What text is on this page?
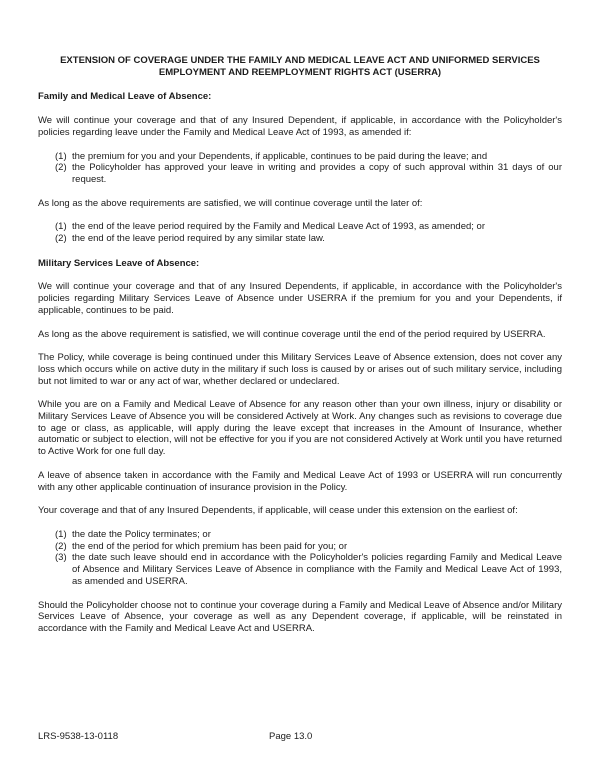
EXTENSION OF COVERAGE UNDER THE FAMILY AND MEDICAL LEAVE ACT AND UNIFORMED SERVICES
EMPLOYMENT AND REEMPLOYMENT RIGHTS ACT (USERRA)
Family and Medical Leave of Absence:
We will continue your coverage and that of any Insured Dependent, if applicable, in accordance with the Policyholder's policies regarding leave under the Family and Medical Leave Act of 1993, as amended if:
(1) the premium for you and your Dependents, if applicable, continues to be paid during the leave; and
(2) the Policyholder has approved your leave in writing and provides a copy of such approval within 31 days of our request.
As long as the above requirements are satisfied, we will continue coverage until the later of:
(1) the end of the leave period required by the Family and Medical Leave Act of 1993, as amended; or
(2) the end of the leave period required by any similar state law.
Military Services Leave of Absence:
We will continue your coverage and that of any Insured Dependents, if applicable, in accordance with the Policyholder's policies regarding Military Services Leave of Absence under USERRA if the premium for you and your Dependents, if applicable, continues to be paid.
As long as the above requirement is satisfied, we will continue coverage until the end of the period required by USERRA.
The Policy, while coverage is being continued under this Military Services Leave of Absence extension, does not cover any loss which occurs while on active duty in the military if such loss is caused by or arises out of such military service, including but not limited to war or any act of war, whether declared or undeclared.
While you are on a Family and Medical Leave of Absence for any reason other than your own illness, injury or disability or Military Services Leave of Absence you will be considered Actively at Work. Any changes such as revisions to coverage due to age or class, as applicable, will apply during the leave except that increases in the Amount of Insurance, whether automatic or subject to election, will not be effective for you if you are not considered Actively at Work until you have returned to Active Work for one full day.
A leave of absence taken in accordance with the Family and Medical Leave Act of 1993 or USERRA will run concurrently with any other applicable continuation of insurance provision in the Policy.
Your coverage and that of any Insured Dependents, if applicable, will cease under this extension on the earliest of:
(1) the date the Policy terminates; or
(2) the end of the period for which premium has been paid for you; or
(3) the date such leave should end in accordance with the Policyholder's policies regarding Family and Medical Leave of Absence and Military Services Leave of Absence in compliance with the Family and Medical Leave Act of 1993, as amended and USERRA.
Should the Policyholder choose not to continue your coverage during a Family and Medical Leave of Absence and/or Military Services Leave of Absence, your coverage as well as any Dependent coverage, if applicable, will be reinstated in accordance with the Family and Medical Leave Act and USERRA.
LRS-9538-13-0118	Page 13.0
